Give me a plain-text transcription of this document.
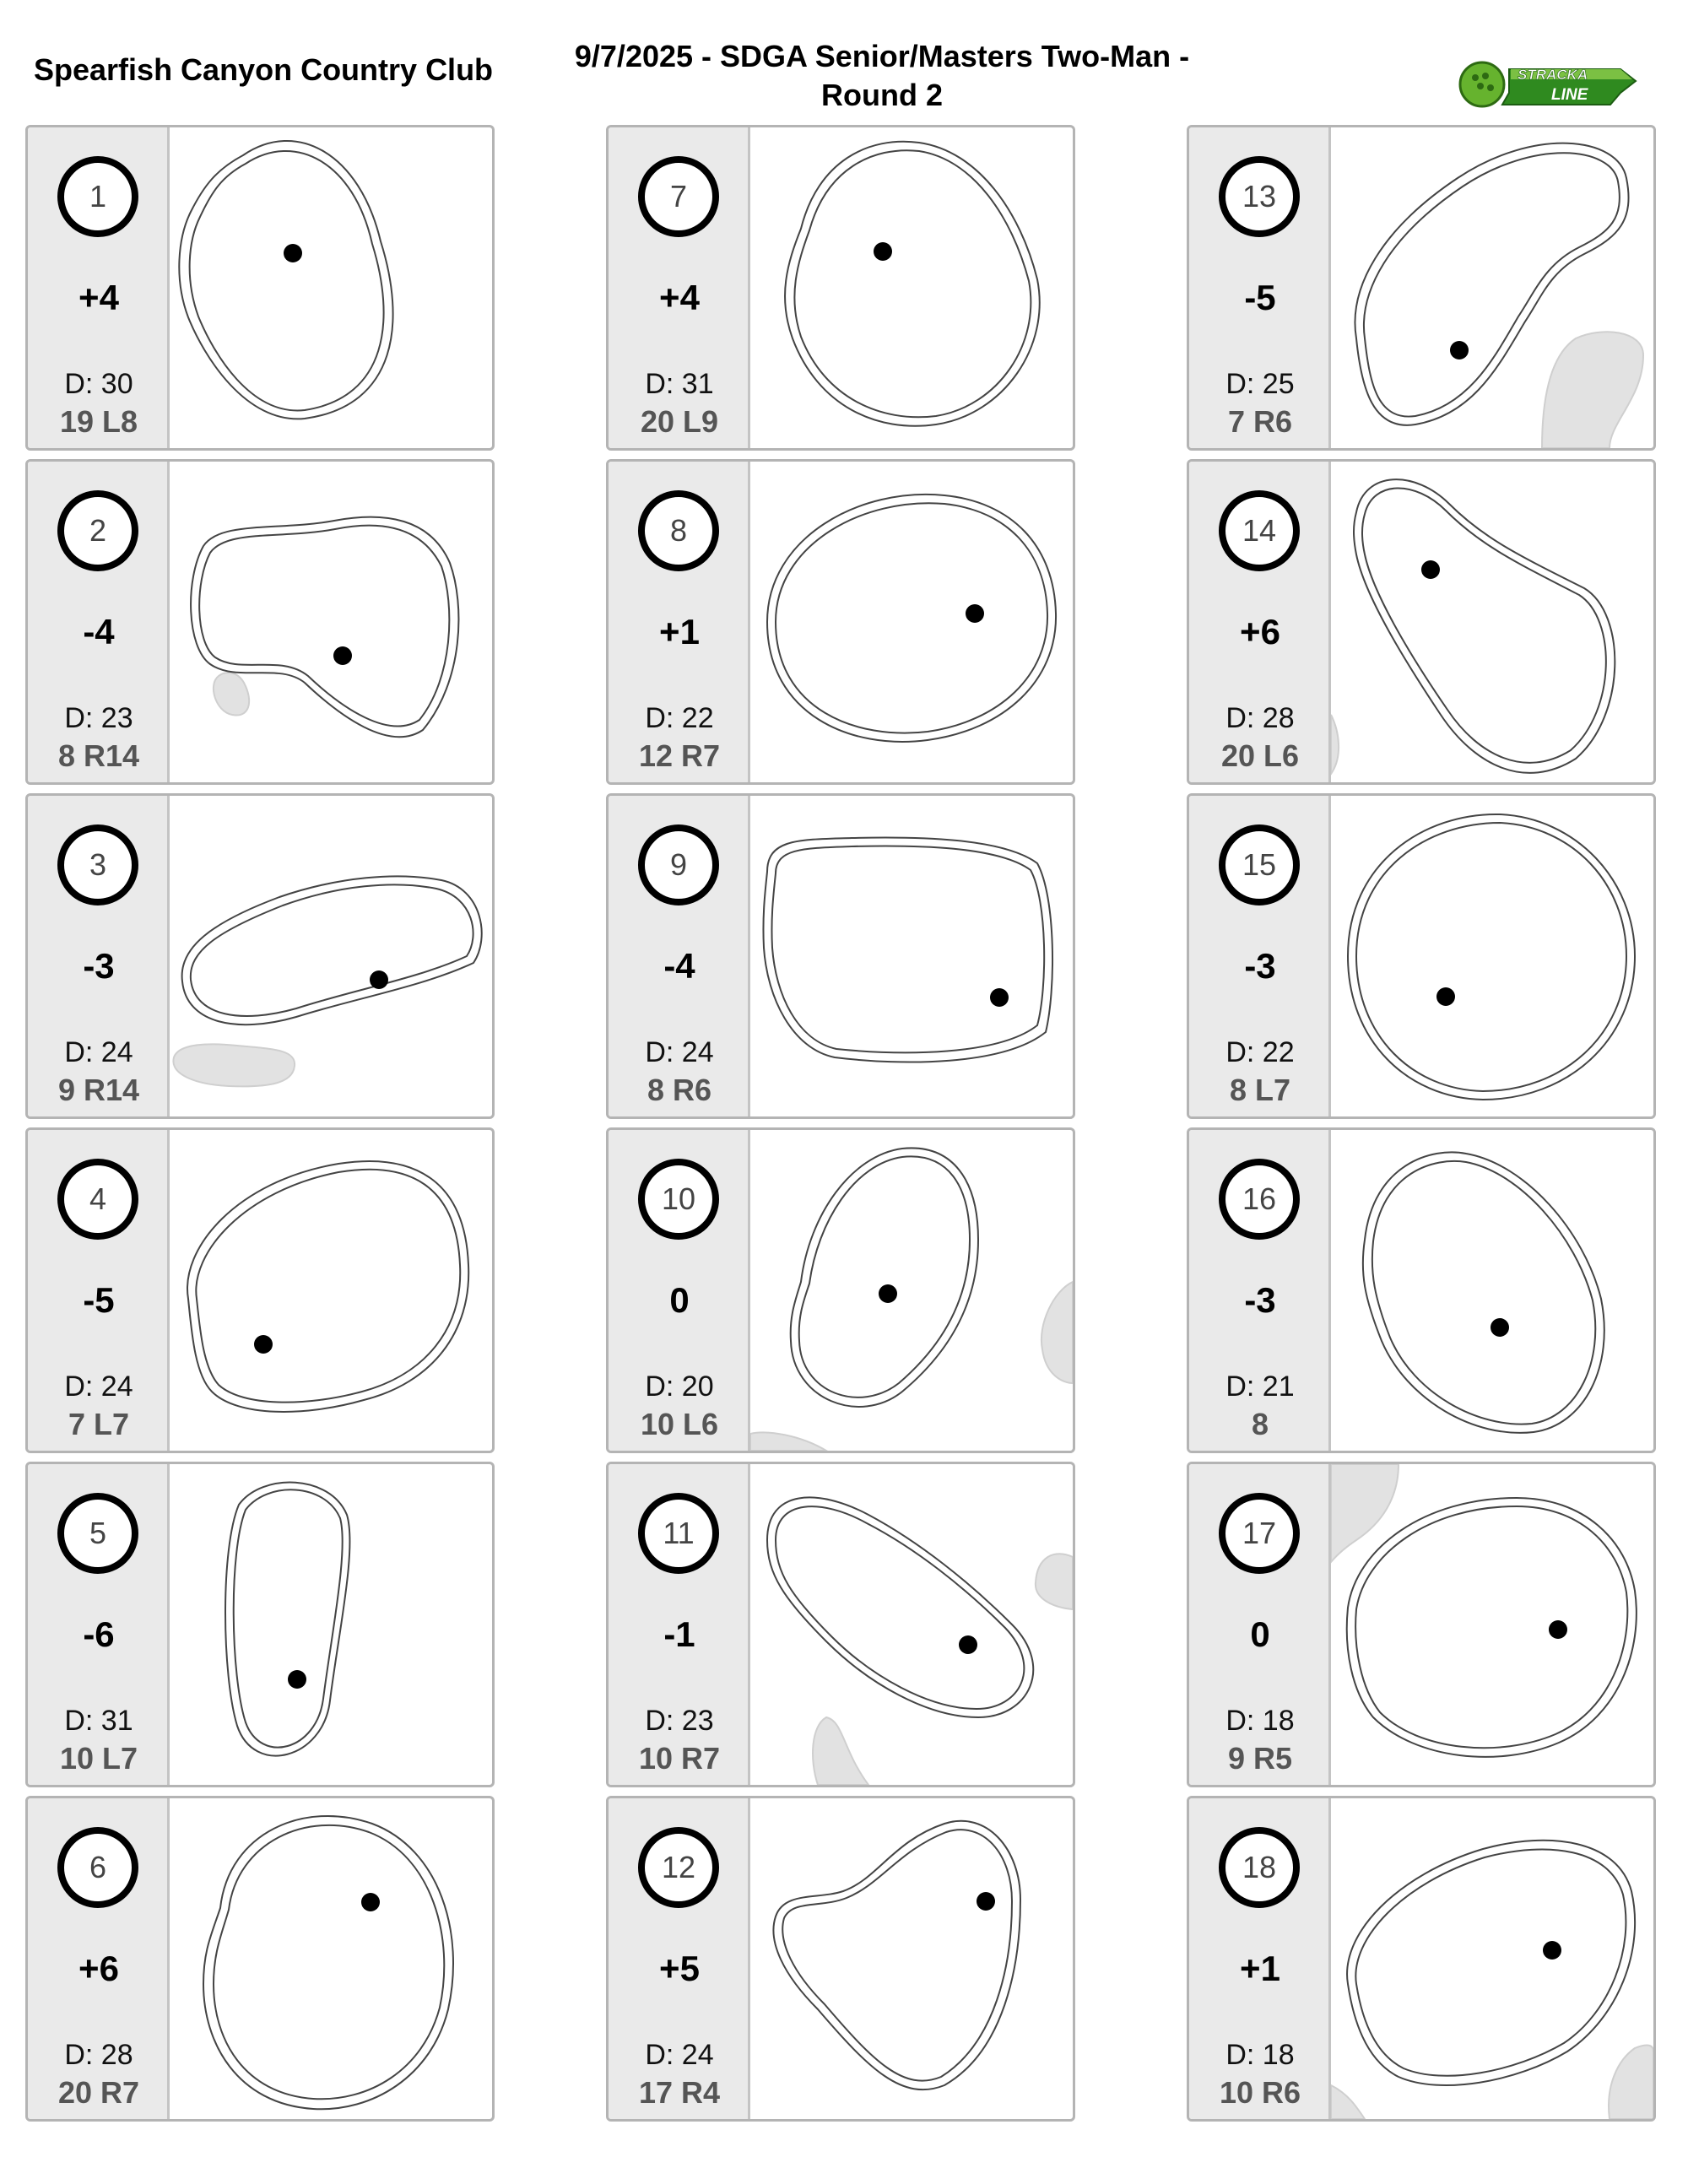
Spearfish Canyon Country Club	9/7/2025 - SDGA Senior/Masters Two-Man -
Round 2
STRACKA
LINE
1
+4
D: 30
19 L8
2
-4
D: 23
8 R14
3
-3
D: 24
9 R14
4
-5
D: 24
7 L7
5
-6
D: 31
10 L7
6
+6
D: 28
20 R7
7
+4
D: 31
20 L9
8
+1
D: 22
12 R7
9
-4
D: 24
8 R6
10
0
D: 20
10 L6
11
-1
D: 23
10 R7
12
+5
D: 24
17 R4
13
-5
D: 25
7 R6
14
+6
D: 28
20 L6
15
-3
D: 22
8 L7
16
-3
D: 21
8
17
0
D: 18
9 R5
18
+1
D: 18
10 R6
